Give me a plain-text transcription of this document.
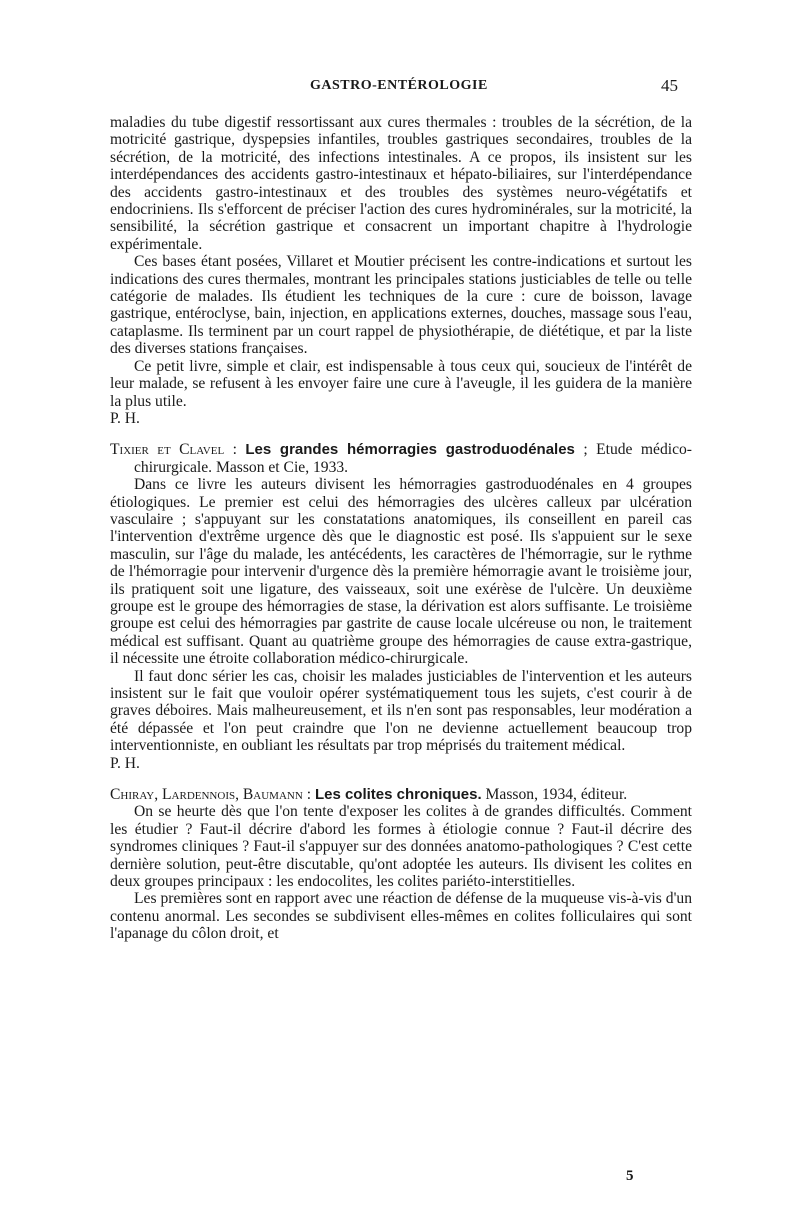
GASTRO-ENTÉROLOGIE	45

maladies du tube digestif ressortissant aux cures thermales : troubles de la sécrétion, de la motricité gastrique, dyspepsies infantiles, troubles gastriques secondaires, troubles de la sécrétion, de la motricité, des infections intestinales. A ce propos, ils insistent sur les interdépendances des accidents gastro-intestinaux et hépato-biliaires, sur l'interdépendance des accidents gastro-intestinaux et des troubles des systèmes neuro-végétatifs et endocriniens. Ils s'efforcent de préciser l'action des cures hydrominérales, sur la motricité, la sensibilité, la sécrétion gastrique et consacrent un important chapitre à l'hydrologie expérimentale.

Ces bases étant posées, Villaret et Moutier précisent les contre-indications et surtout les indications des cures thermales, montrant les principales stations justiciables de telle ou telle catégorie de malades. Ils étudient les techniques de la cure : cure de boisson, lavage gastrique, entéroclyse, bain, injection, en applications externes, douches, massage sous l'eau, cataplasme. Ils terminent par un court rappel de physiothérapie, de diététique, et par la liste des diverses stations françaises.

Ce petit livre, simple et clair, est indispensable à tous ceux qui, soucieux de l'intérêt de leur malade, se refusent à les envoyer faire une cure à l'aveugle, il les guidera de la manière la plus utile.

P. H.

Tixier et Clavel : Les grandes hémorragies gastroduodénales ; Etude médico-chirurgicale. Masson et Cie, 1933.

Dans ce livre les auteurs divisent les hémorragies gastroduodénales en 4 groupes étiologiques. Le premier est celui des hémorragies des ulcères calleux par ulcération vasculaire ; s'appuyant sur les constatations anatomiques, ils conseillent en pareil cas l'intervention d'extrême urgence dès que le diagnostic est posé. Ils s'appuient sur le sexe masculin, sur l'âge du malade, les antécédents, les caractères de l'hémorragie, sur le rythme de l'hémorragie pour intervenir d'urgence dès la première hémorragie avant le troisième jour, ils pratiquent soit une ligature, des vaisseaux, soit une exérèse de l'ulcère. Un deuxième groupe est le groupe des hémorragies de stase, la dérivation est alors suffisante. Le troisième groupe est celui des hémorragies par gastrite de cause locale ulcéreuse ou non, le traitement médical est suffisant. Quant au quatrième groupe des hémorragies de cause extra-gastrique, il nécessite une étroite collaboration médico-chirurgicale.

Il faut donc sérier les cas, choisir les malades justiciables de l'intervention et les auteurs insistent sur le fait que vouloir opérer systématiquement tous les sujets, c'est courir à de graves déboires. Mais malheureusement, et ils n'en sont pas responsables, leur modération a été dépassée et l'on peut craindre que l'on ne devienne actuellement beaucoup trop interventionniste, en oubliant les résultats par trop méprisés du traitement médical.

P. H.

Chiray, Lardennois, Baumann : Les colites chroniques. Masson, 1934, éditeur.

On se heurte dès que l'on tente d'exposer les colites à de grandes difficultés. Comment les étudier ? Faut-il décrire d'abord les formes à étiologie connue ? Faut-il décrire des syndromes cliniques ? Faut-il s'appuyer sur des données anatomo-pathologiques ? C'est cette dernière solution, peut-être discutable, qu'ont adoptée les auteurs. Ils divisent les colites en deux groupes principaux : les endocolites, les colites pariéto-interstitielles.

Les premières sont en rapport avec une réaction de défense de la muqueuse vis-à-vis d'un contenu anormal. Les secondes se subdivisent elles-mêmes en colites folliculaires qui sont l'apanage du côlon droit, et

5
